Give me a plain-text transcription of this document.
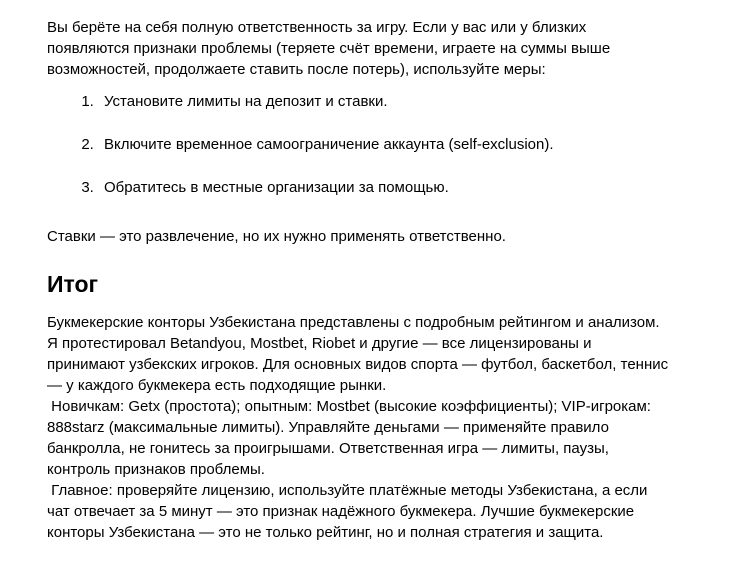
Вы берёте на себя полную ответственность за игру. Если у вас или у близких появляются признаки проблемы (теряете счёт времени, играете на суммы выше возможностей, продолжаете ставить после потерь), используйте меры:

1. Установите лимиты на депозит и ставки.
2. Включите временное самоограничение аккаунта (self-exclusion).
3. Обратитесь в местные организации за помощью.

Ставки — это развлечение, но их нужно применять ответственно.

Итог
Букмекерские конторы Узбекистана представлены с подробным рейтингом и анализом. Я протестировал Betandyou, Mostbet, Riobet и другие — все лицензированы и принимают узбекских игроков. Для основных видов спорта — футбол, баскетбол, теннис — у каждого букмекера есть подходящие рынки.
Новичкам: Getx (простота); опытным: Mostbet (высокие коэффициенты); VIP-игрокам: 888starz (максимальные лимиты). Управляйте деньгами — применяйте правило банкролла, не гонитесь за проигрышами. Ответственная игра — лимиты, паузы, контроль признаков проблемы.
Главное: проверяйте лицензию, используйте платёжные методы Узбекистана, а если чат отвечает за 5 минут — это признак надёжного букмекера. Лучшие букмекерские конторы Узбекистана — это не только рейтинг, но и полная стратегия и защита.
